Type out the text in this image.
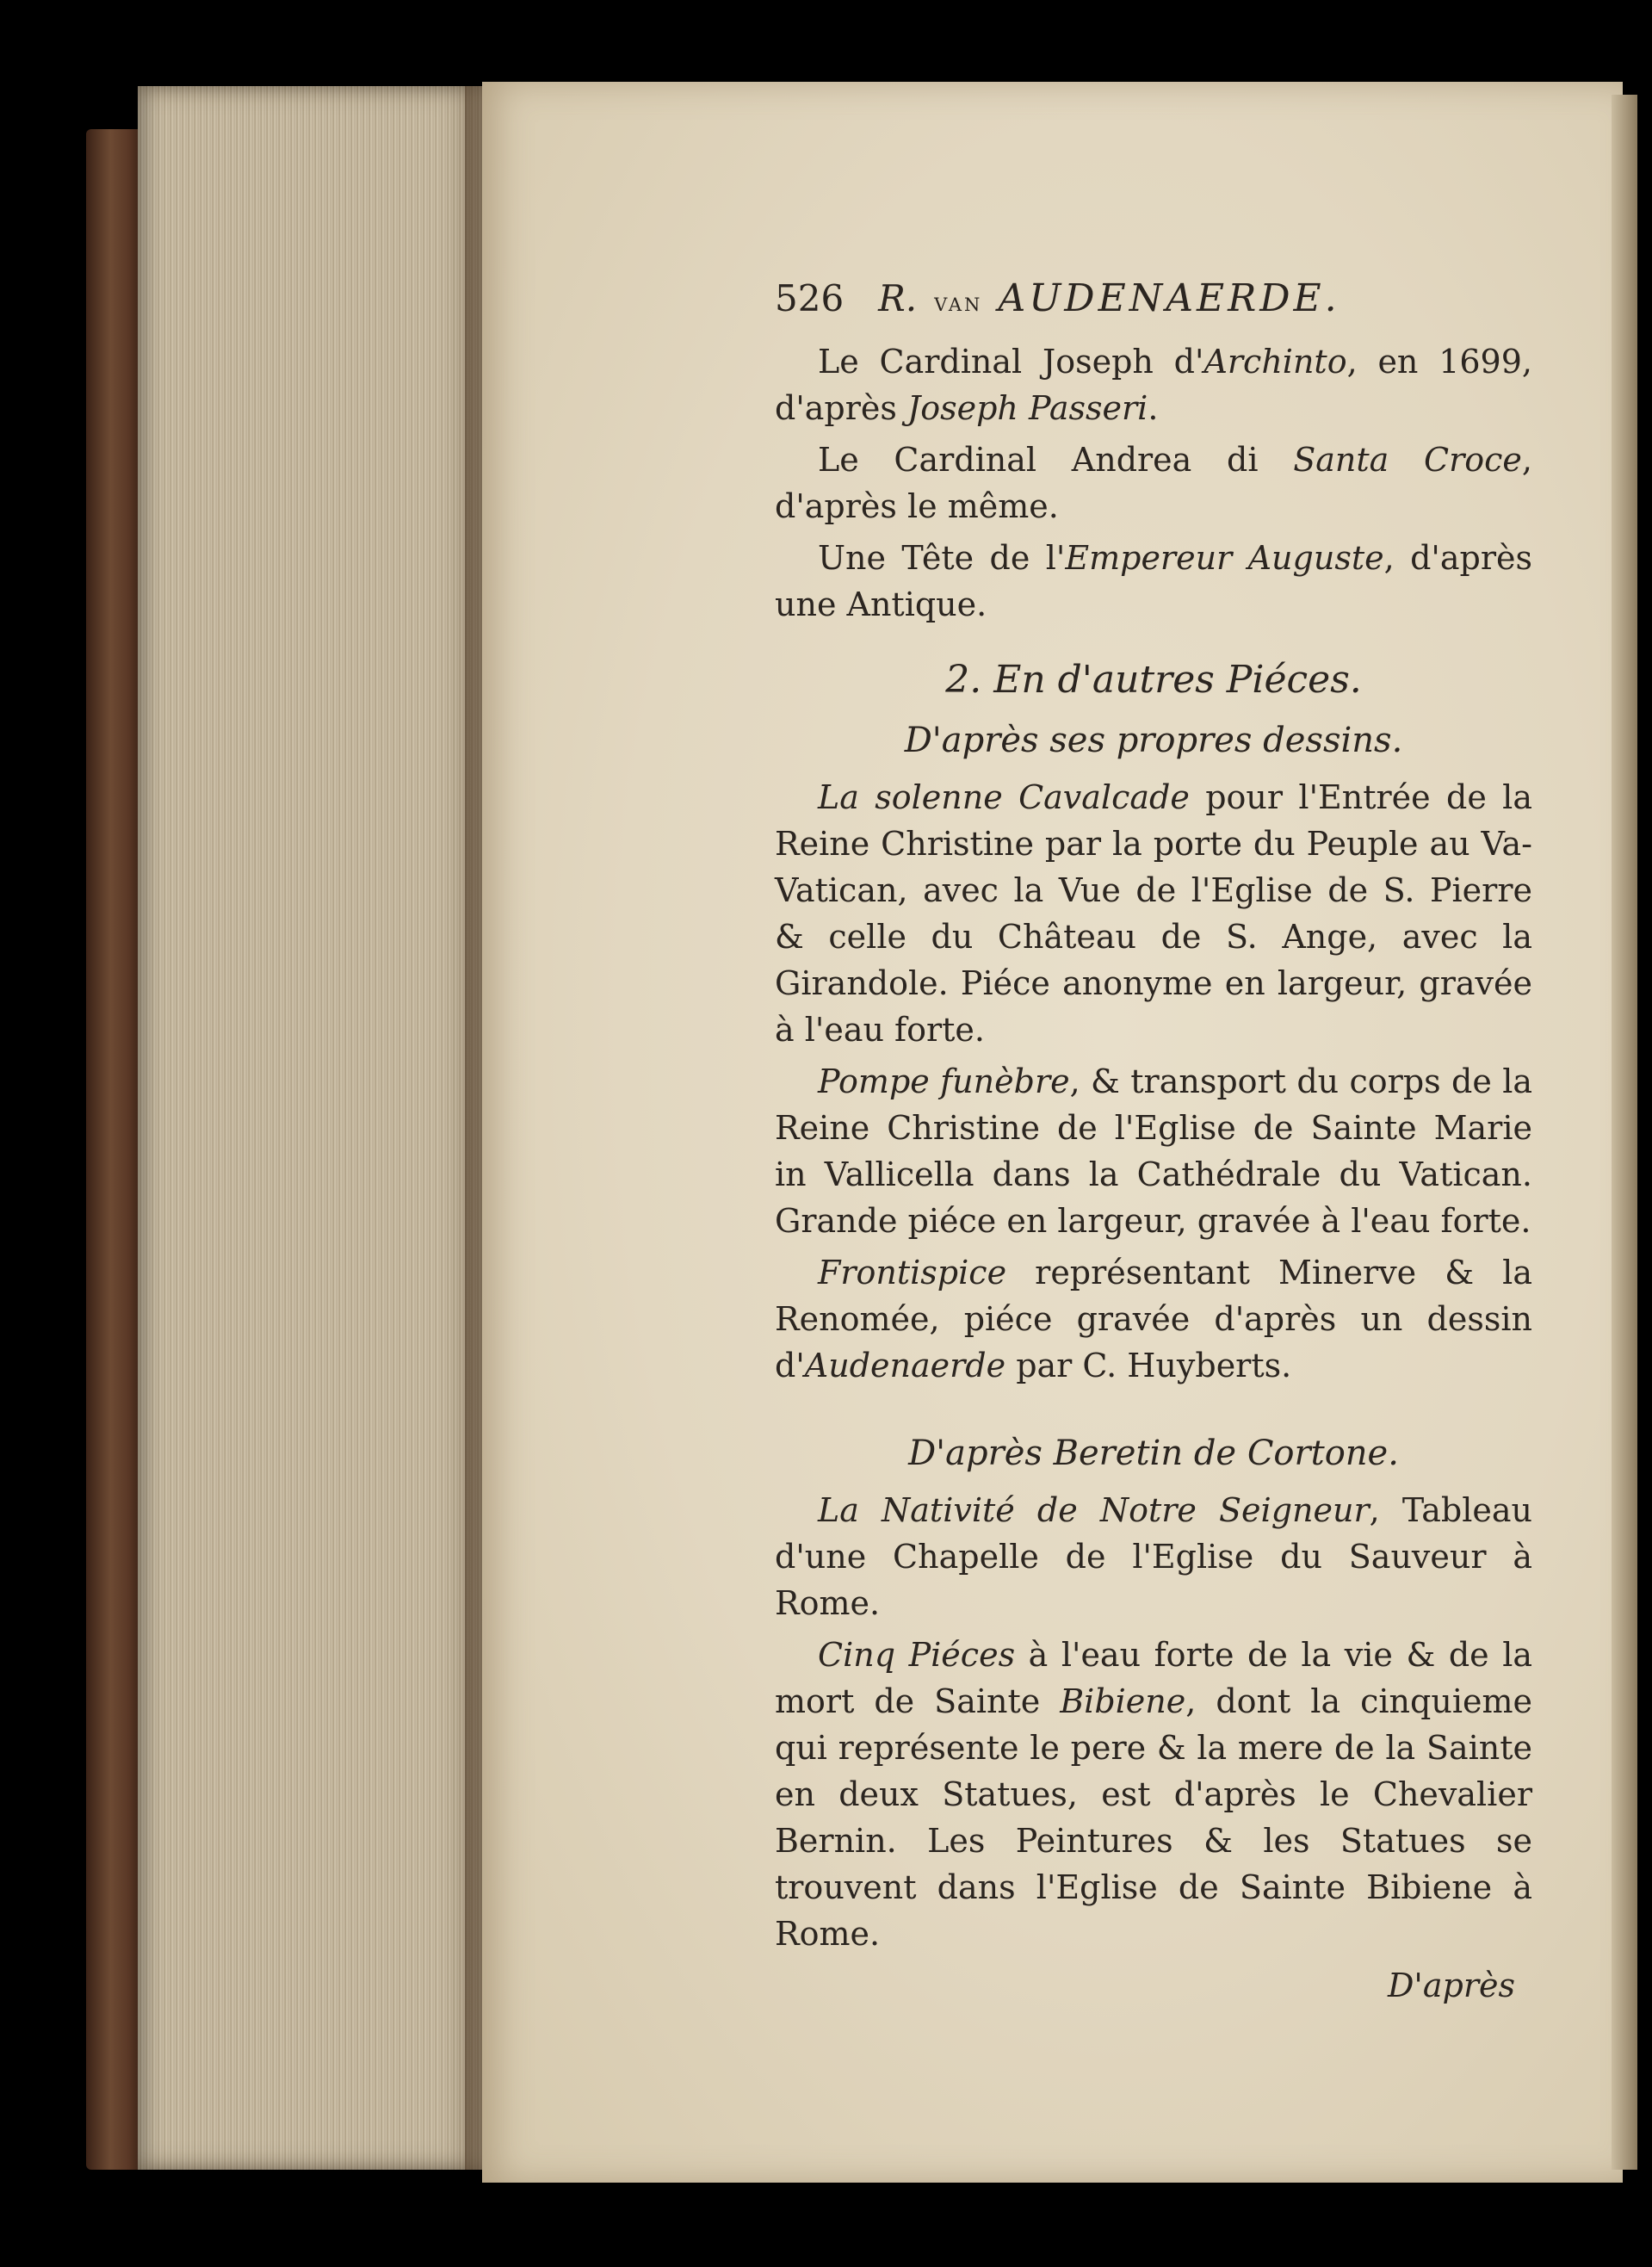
526 R. van AUDENAERDE.

Le Cardinal Joseph d'Archinto, en 1699, d'après Joseph Passeri.

Le Cardinal Andrea di Santa Croce, d'après le même.

Une Tête de l'Empereur Auguste, d'après une Antique.

2. En d'autres Piéces.
D'après ses propres dessins.

La solenne Cavalcade pour l'Entrée de la Reine Christine par la porte du Peuple au Va- Vatican, avec la Vue de l'Eglise de S. Pierre & celle du Château de S. Ange, avec la Girandole. Piéce anonyme en largeur, gravée à l'eau forte.

Pompe funèbre, & transport du corps de la Reine Christine de l'Eglise de Sainte Marie in Vallicella dans la Cathédrale du Vatican. Grande piéce en largeur, gravée à l'eau forte.

Frontispice représentant Minerve & la Renomée, piéce gravée d'après un dessin d'Audenaerde par C. Huyberts.

D'après Beretin de Cortone.

La Nativité de Notre Seigneur, Tableau d'une Chapelle de l'Eglise du Sauveur à Rome.

Cinq Piéces à l'eau forte de la vie & de la mort de Sainte Bibiene, dont la cinquieme qui représente le pere & la mere de la Sainte en deux Statues, est d'après le Chevalier Bernin. Les Peintures & les Statues se trouvent dans l'Eglise de Sainte Bibiene à Rome.

D'après
